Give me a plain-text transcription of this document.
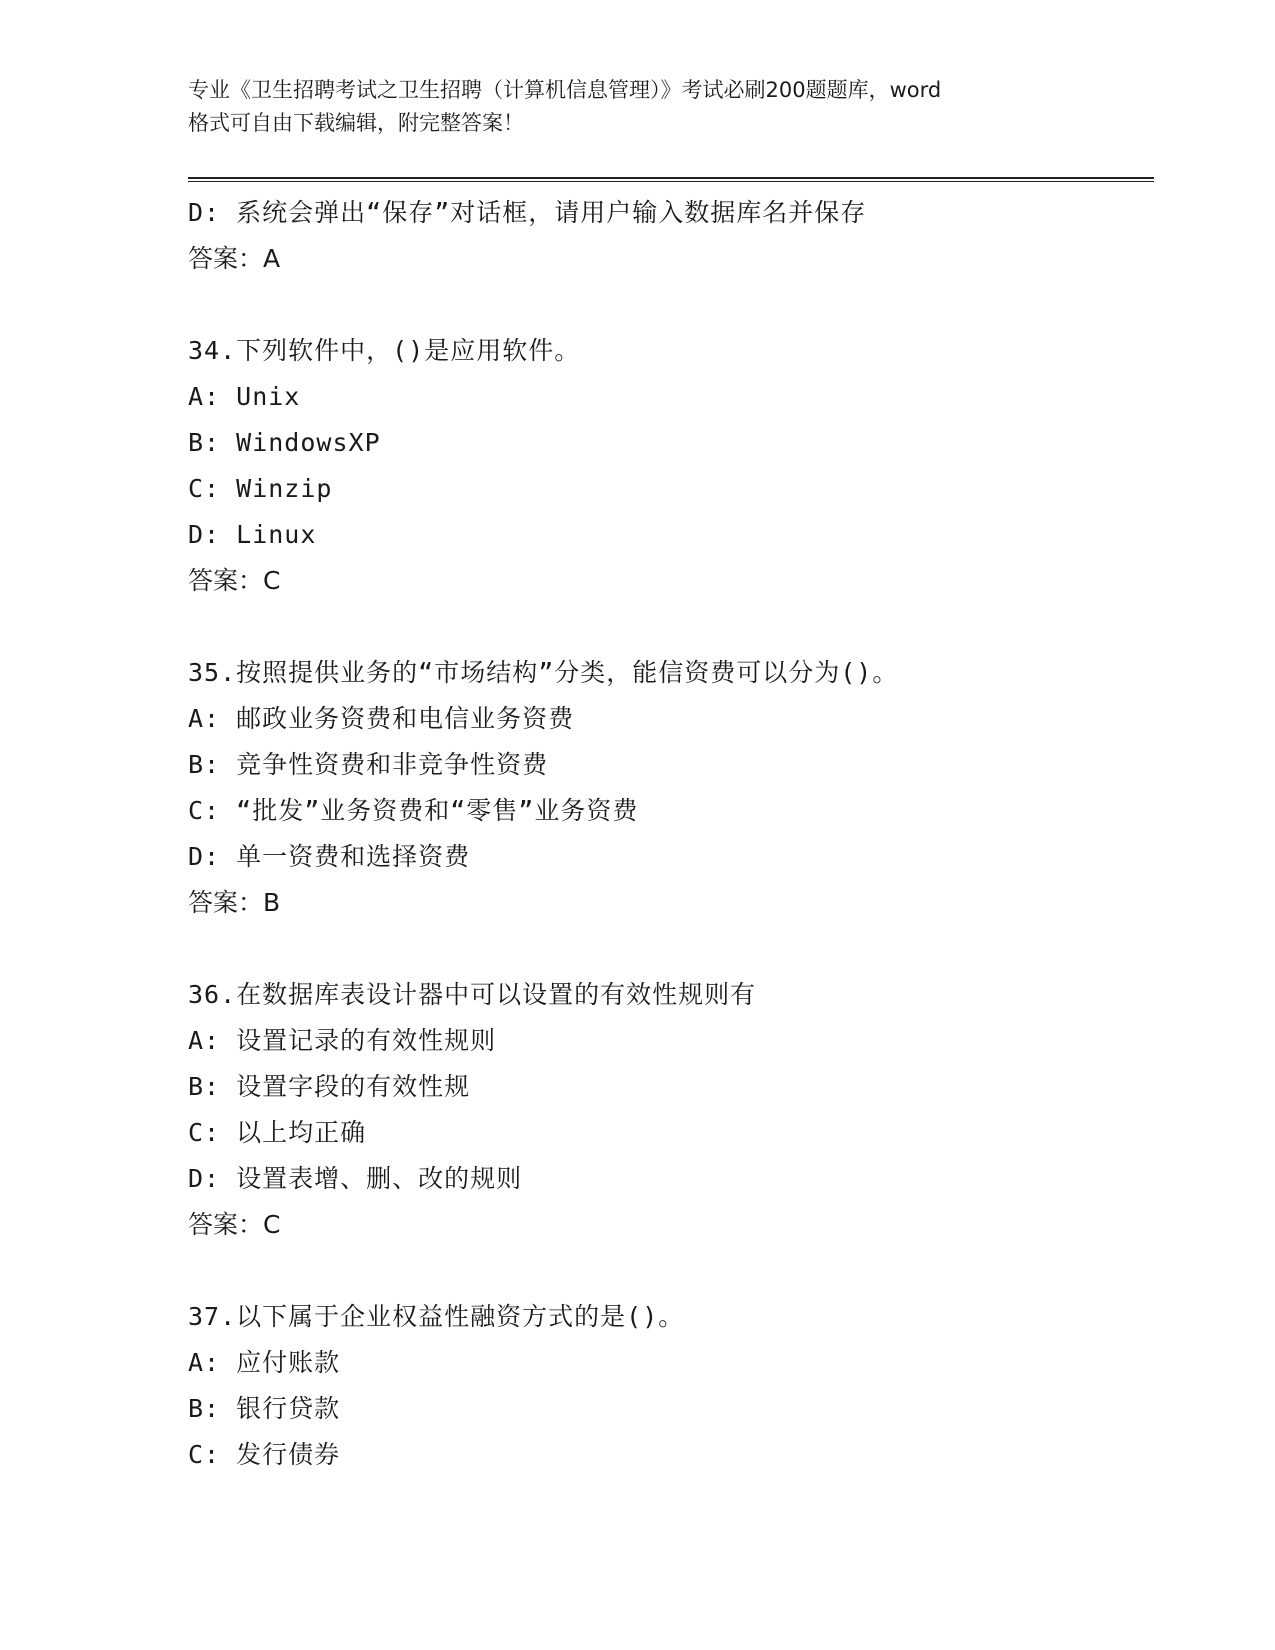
专业《卫生招聘考试之卫生招聘（计算机信息管理）》考试必刷200题题库，word
格式可自由下载编辑，附完整答案！
D: 系统会弹出“保存”对话框，请用户输入数据库名并保存
答案：A
34.下列软件中，()是应用软件。
A: Unix
B: WindowsXP
C: Winzip
D: Linux
答案：C
35.按照提供业务的“市场结构”分类，能信资费可以分为()。
A: 邮政业务资费和电信业务资费
B: 竞争性资费和非竞争性资费
C: “批发”业务资费和“零售”业务资费
D: 单一资费和选择资费
答案：B
36.在数据库表设计器中可以设置的有效性规则有
A: 设置记录的有效性规则
B: 设置字段的有效性规
C: 以上均正确
D: 设置表增、删、改的规则
答案：C
37.以下属于企业权益性融资方式的是()。
A: 应付账款
B: 银行贷款
C: 发行债券
